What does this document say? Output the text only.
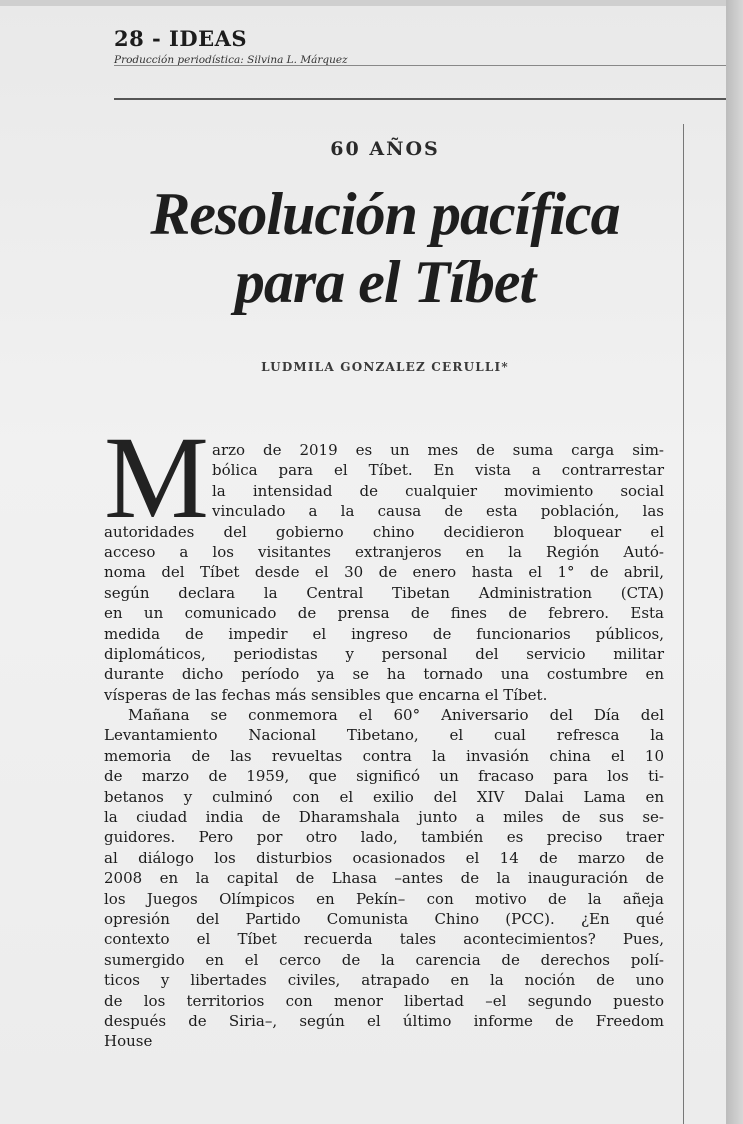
28 - IDEAS
Producción periodística: Silvina L. Márquez
60 AÑOS
Resolución pacífica
para el Tíbet
LUDMILA GONZALEZ CERULLI*
M arzo de 2019 es un mes de suma carga sim-
bólica para el Tíbet. En vista a contrarrestar
la intensidad de cualquier movimiento social
vinculado a la causa de esta población, las
autoridades del gobierno chino decidieron bloquear el
acceso a los visitantes extranjeros en la Región Autó-
noma del Tíbet desde el 30 de enero hasta el 1° de abril,
según declara la Central Tibetan Administration (CTA)
en un comunicado de prensa de fines de febrero. Esta
medida de impedir el ingreso de funcionarios públicos,
diplomáticos, periodistas y personal del servicio militar
durante dicho período ya se ha tornado una costumbre en
vísperas de las fechas más sensibles que encarna el Tíbet.
Mañana se conmemora el 60° Aniversario del Día del
Levantamiento Nacional Tibetano, el cual refresca la
memoria de las revueltas contra la invasión china el 10
de marzo de 1959, que significó un fracaso para los ti-
betanos y culminó con el exilio del XIV Dalai Lama en
la ciudad india de Dharamshala junto a miles de sus se-
guidores. Pero por otro lado, también es preciso traer
al diálogo los disturbios ocasionados el 14 de marzo de
2008 en la capital de Lhasa –antes de la inauguración de
los Juegos Olímpicos en Pekín– con motivo de la añeja
opresión del Partido Comunista Chino (PCC). ¿En qué
contexto el Tíbet recuerda tales acontecimientos? Pues,
sumergido en el cerco de la carencia de derechos polí-
ticos y libertades civiles, atrapado en la noción de uno
de los territorios con menor libertad –el segundo puesto
después de Siria–, según el último informe de Freedom
House
